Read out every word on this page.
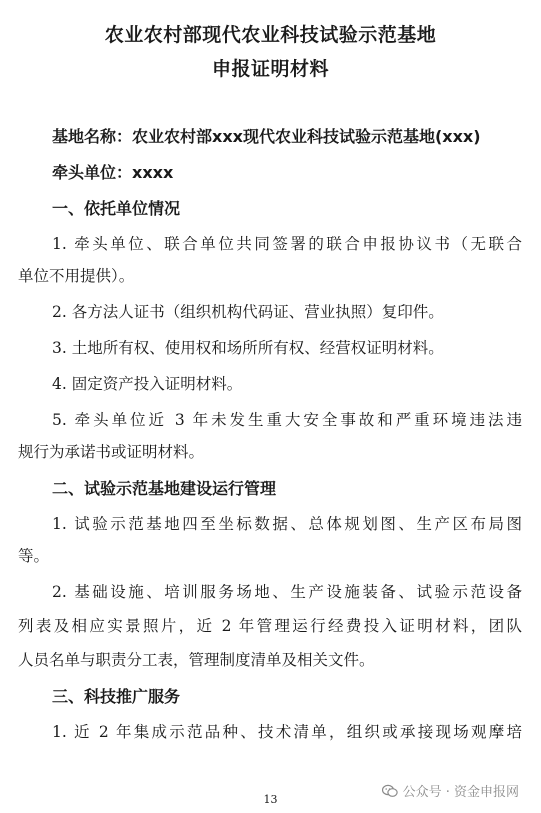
农业农村部现代农业科技试验示范基地
申报证明材料
基地名称：农业农村部xxx现代农业科技试验示范基地(xxx)
牵头单位：xxxx
一、依托单位情况
1. 牵头单位、联合单位共同签署的联合申报协议书（无联合
单位不用提供）。
2. 各方法人证书（组织机构代码证、营业执照）复印件。
3. 土地所有权、使用权和场所所有权、经营权证明材料。
4. 固定资产投入证明材料。
5. 牵头单位近 3 年未发生重大安全事故和严重环境违法违
规行为承诺书或证明材料。
二、试验示范基地建设运行管理
1. 试验示范基地四至坐标数据、总体规划图、生产区布局图
等。
2. 基础设施、培训服务场地、生产设施装备、试验示范设备
列表及相应实景照片，近 2 年管理运行经费投入证明材料，团队
人员名单与职责分工表，管理制度清单及相关文件。
三、科技推广服务
1. 近 2 年集成示范品种、技术清单，组织或承接现场观摩培
公众号 · 资金申报网
13
